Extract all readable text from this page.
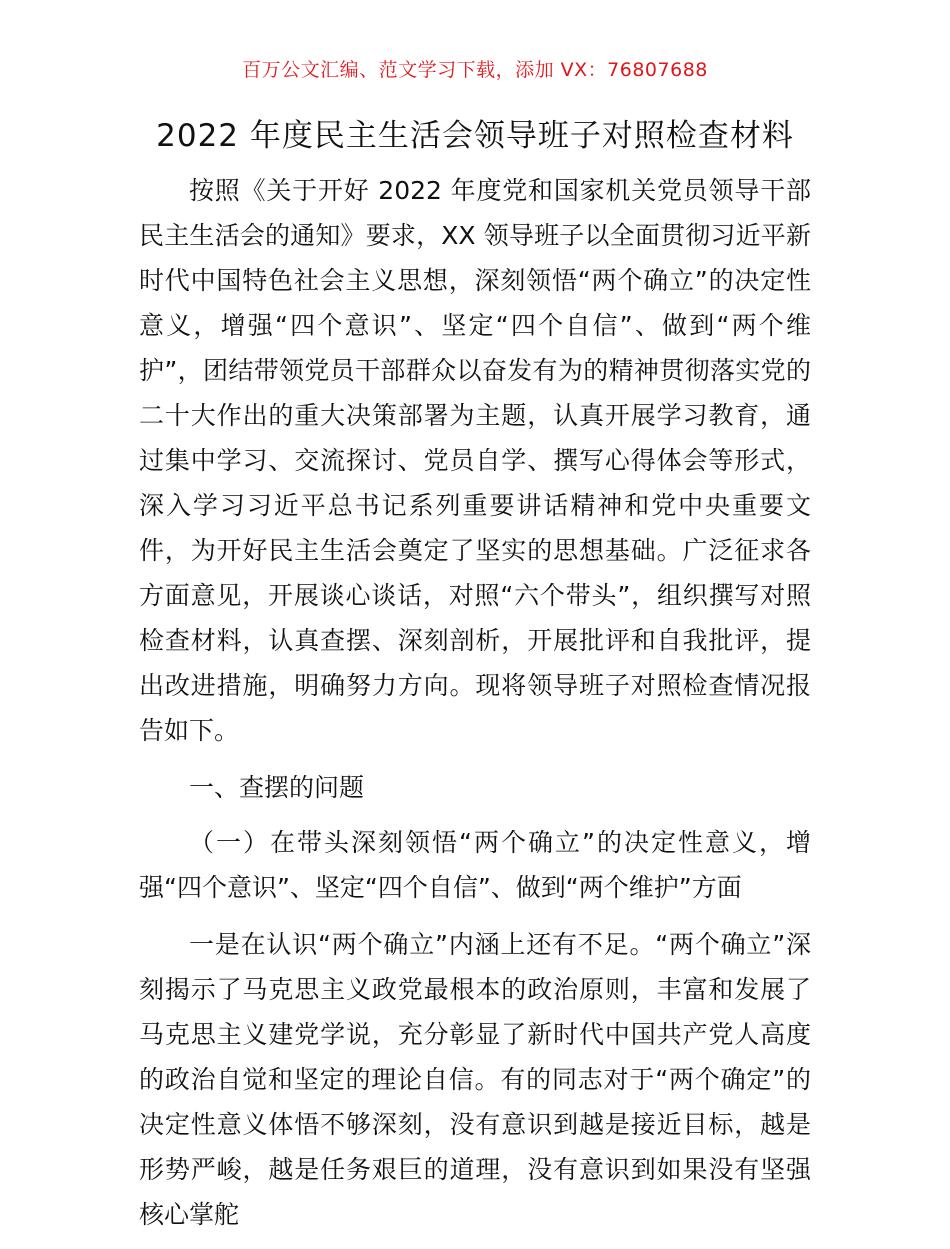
百万公文汇编、范文学习下载，添加 VX：76807688
2022 年度民主生活会领导班子对照检查材料

按照《关于开好 2022 年度党和国家机关党员领导干部民主生活会的通知》要求，XX 领导班子以全面贯彻习近平新时代中国特色社会主义思想，深刻领悟“两个确立”的决定性意义，增强“四个意识”、坚定“四个自信”、做到“两个维护”，团结带领党员干部群众以奋发有为的精神贯彻落实党的二十大作出的重大决策部署为主题，认真开展学习教育，通过集中学习、交流探讨、党员自学、撰写心得体会等形式，深入学习习近平总书记系列重要讲话精神和党中央重要文件，为开好民主生活会奠定了坚实的思想基础。广泛征求各方面意见，开展谈心谈话，对照“六个带头”，组织撰写对照检查材料，认真查摆、深刻剖析，开展批评和自我批评，提出改进措施，明确努力方向。现将领导班子对照检查情况报告如下。

一、查摆的问题

（一）在带头深刻领悟“两个确立”的决定性意义，增强“四个意识”、坚定“四个自信”、做到“两个维护”方面

一是在认识“两个确立”内涵上还有不足。“两个确立”深刻揭示了马克思主义政党最根本的政治原则，丰富和发展了马克思主义建党学说，充分彰显了新时代中国共产党人高度的政治自觉和坚定的理论自信。有的同志对于“两个确定”的决定性意义体悟不够深刻，没有意识到越是接近目标，越是形势严峻，越是任务艰巨的道理，没有意识到如果没有坚强核心掌舵
